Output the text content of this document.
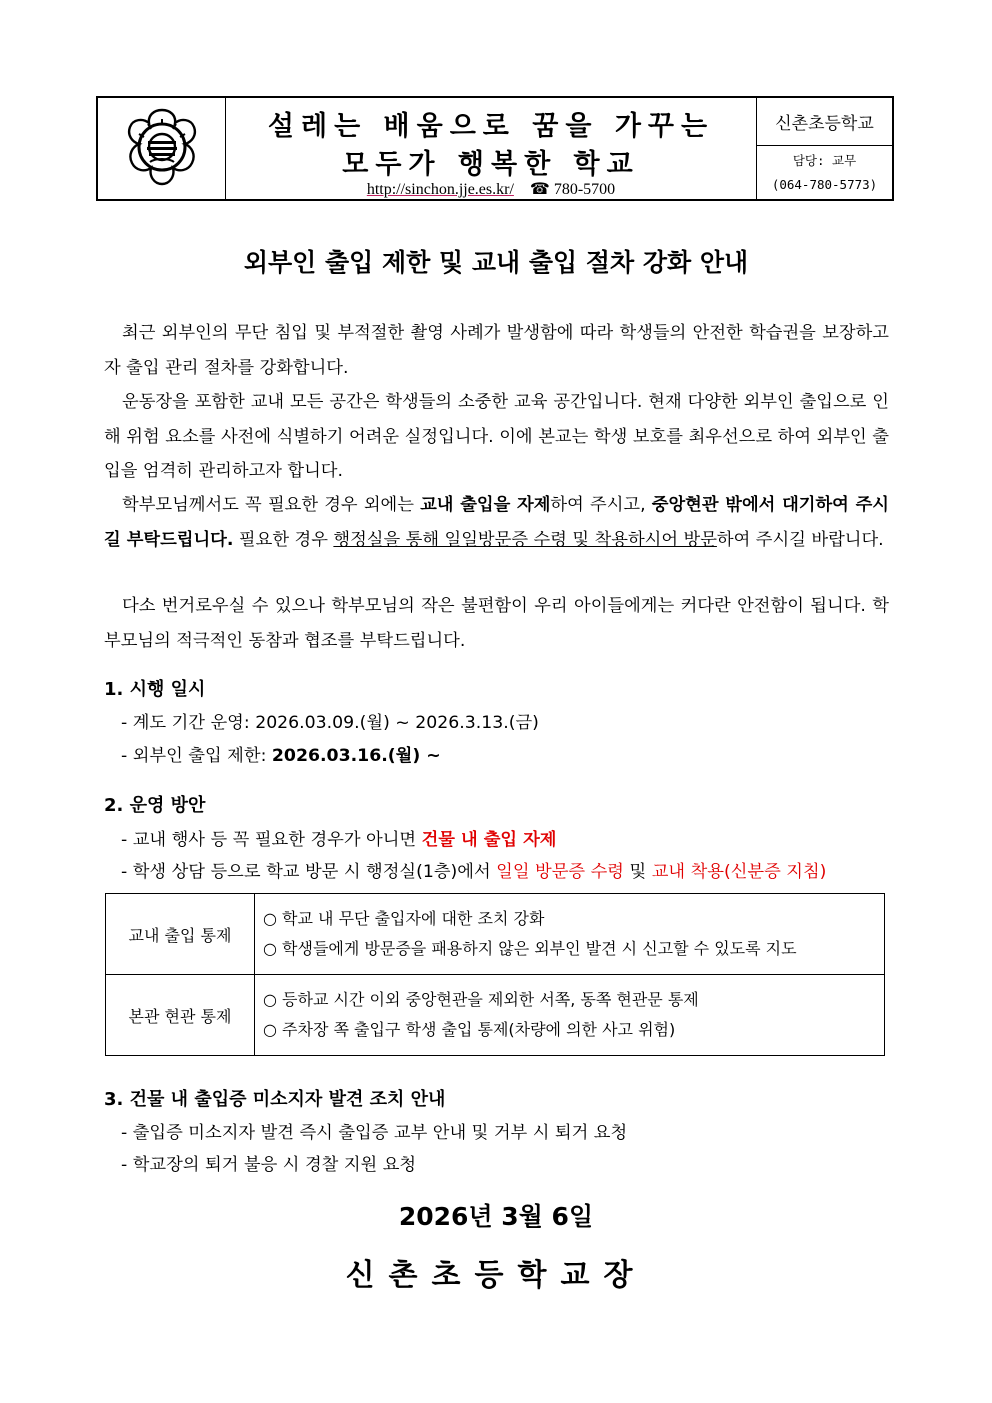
설레는 배움으로 꿈을 가꾸는
모두가 행복한 학교
http://sinchon.jje.es.kr/ ☎ 780-5700
신촌초등학교
담당: 교무
(064-780-5773)
외부인 출입 제한 및 교내 출입 절차 강화 안내
최근 외부인의 무단 침입 및 부적절한 촬영 사례가 발생함에 따라 학생들의 안전한 학습권을 보장하고자 출입 관리 절차를 강화합니다.
운동장을 포함한 교내 모든 공간은 학생들의 소중한 교육 공간입니다. 현재 다양한 외부인 출입으로 인해 위험 요소를 사전에 식별하기 어려운 실정입니다. 이에 본교는 학생 보호를 최우선으로 하여 외부인 출입을 엄격히 관리하고자 합니다.
학부모님께서도 꼭 필요한 경우 외에는 교내 출입을 자제하여 주시고, 중앙현관 밖에서 대기하여 주시길 부탁드립니다. 필요한 경우 행정실을 통해 일일방문증 수령 및 착용하시어 방문하여 주시길 바랍니다.
다소 번거로우실 수 있으나 학부모님의 작은 불편함이 우리 아이들에게는 커다란 안전함이 됩니다. 학부모님의 적극적인 동참과 협조를 부탁드립니다.
1. 시행 일시
- 계도 기간 운영: 2026.03.09.(월) ~ 2026.3.13.(금)
- 외부인 출입 제한: 2026.03.16.(월) ~
2. 운영 방안
- 교내 행사 등 꼭 필요한 경우가 아니면 건물 내 출입 자제
- 학생 상담 등으로 학교 방문 시 행정실(1층)에서 일일 방문증 수령 및 교내 착용(신분증 지침)
교내 출입 통제	○ 학교 내 무단 출입자에 대한 조치 강화
○ 학생들에게 방문증을 패용하지 않은 외부인 발견 시 신고할 수 있도록 지도

본관 현관 통제	○ 등하교 시간 이외 중앙현관을 제외한 서쪽, 동쪽 현관문 통제
○ 주차장 쪽 출입구 학생 출입 통제(차량에 의한 사고 위험)
3. 건물 내 출입증 미소지자 발견 조치 안내
- 출입증 미소지자 발견 즉시 출입증 교부 안내 및 거부 시 퇴거 요청
- 학교장의 퇴거 불응 시 경찰 지원 요청
2026년 3월 6일
신촌초등학교장
